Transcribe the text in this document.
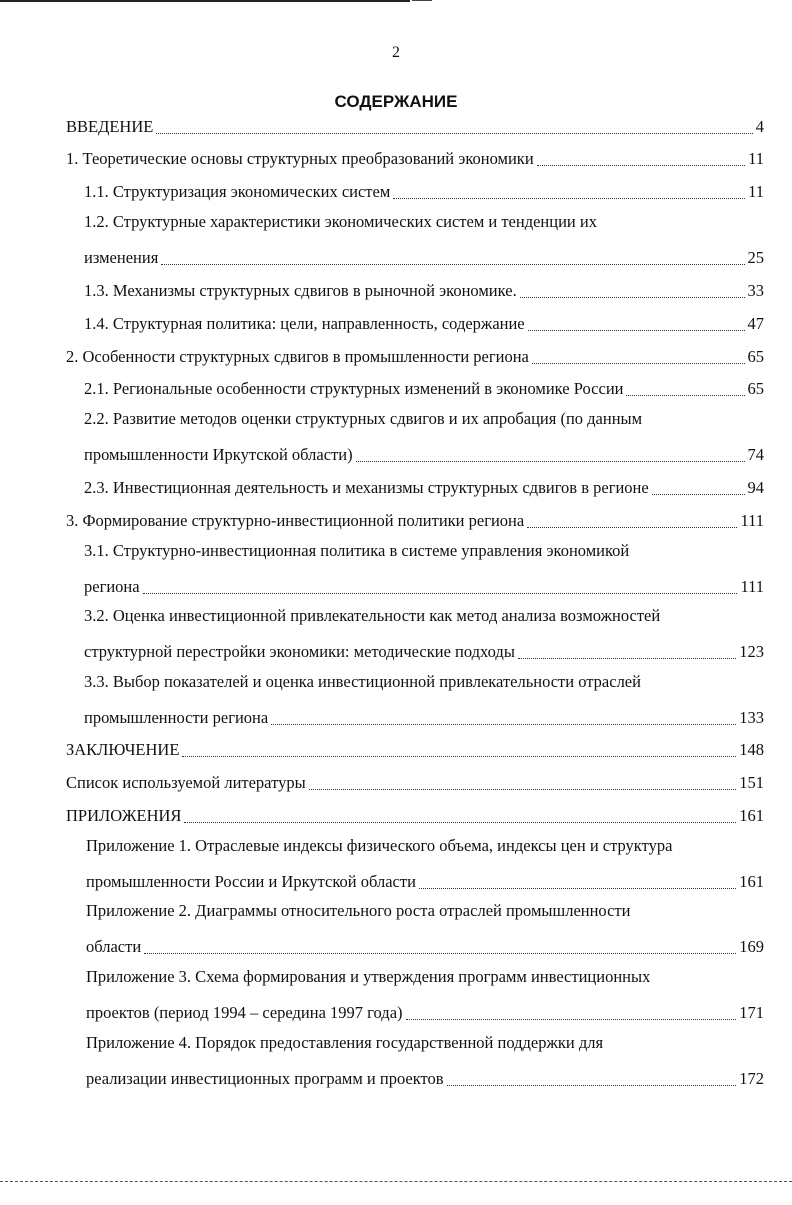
2
СОДЕРЖАНИЕ
ВВЕДЕНИЕ	4
1. Теоретические основы структурных преобразований экономики	11
1.1. Структуризация экономических систем	11
1.2. Структурные характеристики экономических систем и тенденции их
изменения	25
1.3. Механизмы структурных сдвигов в рыночной экономике.	33
1.4. Структурная политика: цели, направленность, содержание	47
2. Особенности структурных сдвигов в промышленности региона	65
2.1. Региональные особенности структурных изменений в экономике России	65
2.2. Развитие методов оценки структурных сдвигов и их апробация (по данным
промышленности Иркутской области)	74
2.3. Инвестиционная деятельность и механизмы структурных сдвигов в регионе	94
3. Формирование структурно-инвестиционной политики региона	111
3.1. Структурно-инвестиционная политика в системе управления экономикой
региона	111
3.2. Оценка инвестиционной привлекательности как метод анализа возможностей
структурной перестройки экономики: методические подходы	123
3.3. Выбор показателей и оценка инвестиционной привлекательности отраслей
промышленности региона	133
ЗАКЛЮЧЕНИЕ	148
Список используемой литературы	151
ПРИЛОЖЕНИЯ	161
Приложение 1. Отраслевые индексы физического объема, индексы цен и структура
промышленности России и Иркутской области	161
Приложение 2. Диаграммы относительного роста отраслей промышленности
области	169
Приложение 3. Схема формирования и утверждения программ инвестиционных
проектов (период 1994 – середина 1997 года)	171
Приложение 4. Порядок предоставления государственной поддержки для
реализации инвестиционных программ и проектов	172
